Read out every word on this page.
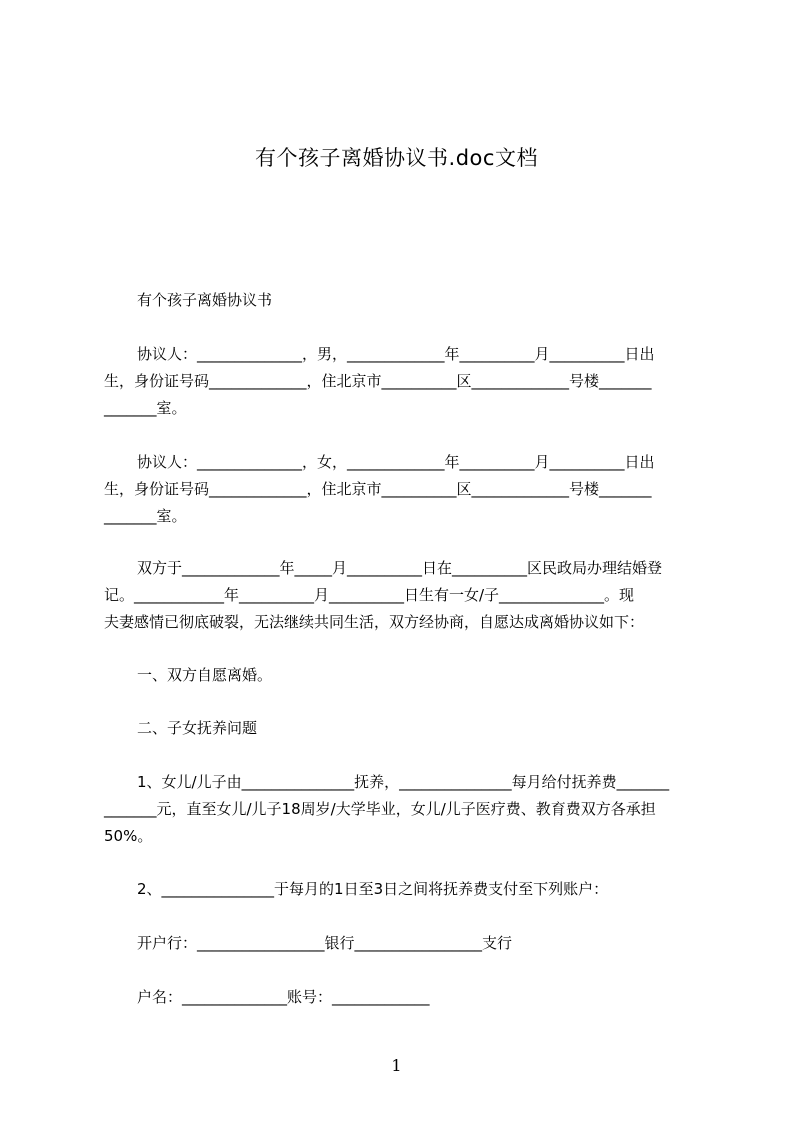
有个孩子离婚协议书.doc文档
有个孩子离婚协议书
协议人：______________，男，_____________年__________月__________日出
生，身份证号码_____________，住北京市__________区_____________号楼_______
_______室。
协议人：______________，女，_____________年__________月__________日出
生，身份证号码_____________，住北京市__________区_____________号楼_______
_______室。
双方于_____________年_____月__________日在__________区民政局办理结婚登
记。____________年__________月__________日生有一女/子______________。现
夫妻感情已彻底破裂，无法继续共同生活，双方经协商，自愿达成离婚协议如下：
一、双方自愿离婚。
二、子女抚养问题
1、女儿/儿子由_______________抚养，_______________每月给付抚养费_______
_______元，直至女儿/儿子18周岁/大学毕业，女儿/儿子医疗费、教育费双方各承担
50%。
2、_______________于每月的1日至3日之间将抚养费支付至下列账户：
开户行：_________________银行_________________支行
户名：______________账号：_____________
1
